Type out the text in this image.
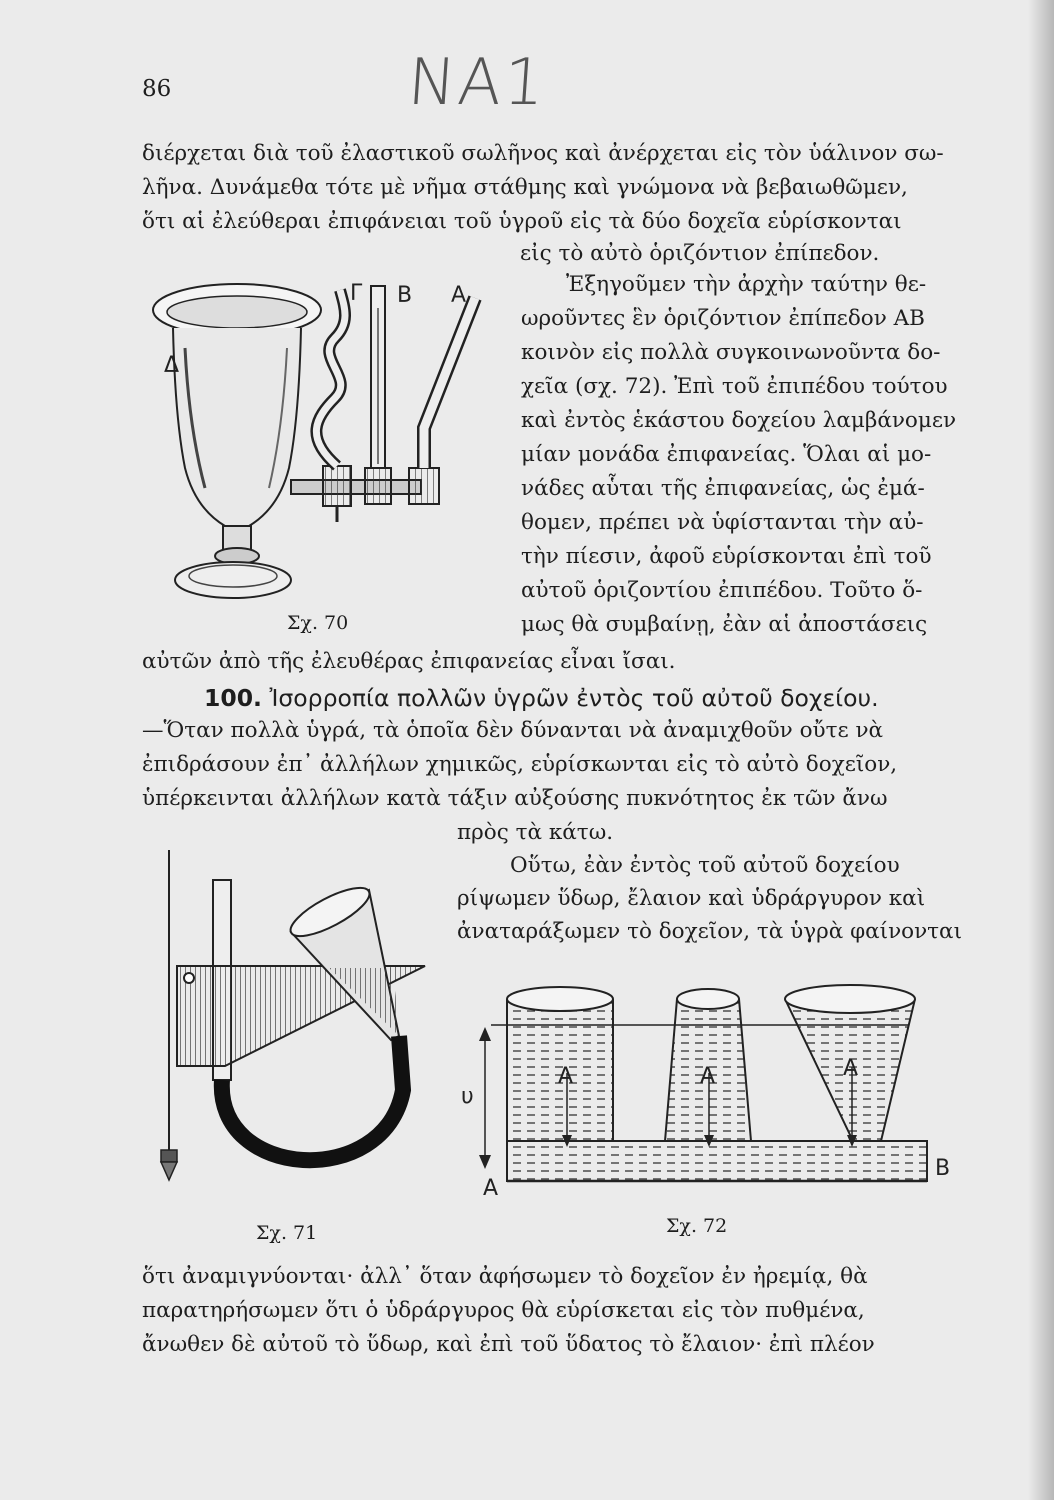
86	ΝΑ1
διέρχεται διὰ τοῦ ἐλαστικοῦ σωλῆνος καὶ ἀνέρχεται εἰς τὸν ὑάλινον σω-
λῆνα. Δυνάμεθα τότε μὲ νῆμα στάθμης καὶ γνώμονα νὰ βεβαιωθῶμεν,
ὅτι αἱ ἐλεύθεραι ἐπιφάνειαι τοῦ ὑγροῦ εἰς τὰ δύο δοχεῖα εὑρίσκονται
εἰς τὸ αὐτὸ ὁριζόντιον ἐπίπεδον.
Ἐξηγοῦμεν τὴν ἀρχὴν ταύτην θε-
ωροῦντες ἓν ὁριζόντιον ἐπίπεδον ΑΒ
κοινὸν εἰς πολλὰ συγκοινωνοῦντα δο-
χεῖα (σχ. 72). Ἐπὶ τοῦ ἐπιπέδου τούτου
καὶ ἐντὸς ἑκάστου δοχείου λαμβάνομεν
μίαν μονάδα ἐπιφανείας. Ὅλαι αἱ μο-
νάδες αὗται τῆς ἐπιφανείας, ὡς ἐμά-
θομεν, πρέπει νὰ ὑφίστανται τὴν αὐ-
τὴν πίεσιν, ἀφοῦ εὑρίσκονται ἐπὶ τοῦ
αὐτοῦ ὁριζοντίου ἐπιπέδου. Τοῦτο ὅ-
μως θὰ συμβαίνῃ, ἐὰν αἱ ἀποστάσεις
Σχ. 70
αὐτῶν ἀπὸ τῆς ἐλευθέρας ἐπιφανείας εἶναι ἴσαι.
100. Ἰσορροπία πολλῶν ὑγρῶν ἐντὸς τοῦ αὐτοῦ δοχείου.
—Ὅταν πολλὰ ὑγρά, τὰ ὁποῖα δὲν δύνανται νὰ ἀναμιχθοῦν οὔτε νὰ
ἐπιδράσουν ἐπ᾽ ἀλλήλων χημικῶς, εὑρίσκωνται εἰς τὸ αὐτὸ δοχεῖον,
ὑπέρκεινται ἀλλήλων κατὰ τάξιν αὐξούσης πυκνότητος ἐκ τῶν ἄνω
πρὸς τὰ κάτω.
Οὕτω, ἐὰν ἐντὸς τοῦ αὐτοῦ δοχείου
ρίψωμεν ὕδωρ, ἔλαιον καὶ ὑδράργυρον καὶ
ἀναταράξωμεν τὸ δοχεῖον, τὰ ὑγρὰ φαίνονται
Σχ. 71	Σχ. 72
ὅτι ἀναμιγνύονται· ἀλλ᾽ ὅταν ἀφήσωμεν τὸ δοχεῖον ἐν ἠρεμίᾳ, θὰ
παρατηρήσωμεν ὅτι ὁ ὑδράργυρος θὰ εὑρίσκεται εἰς τὸν πυθμένα,
ἄνωθεν δὲ αὐτοῦ τὸ ὕδωρ, καὶ ἐπὶ τοῦ ὕδατος τὸ ἔλαιον· ἐπὶ πλέον
Δ
Γ Β Α
υ
A
B
A	A	A
